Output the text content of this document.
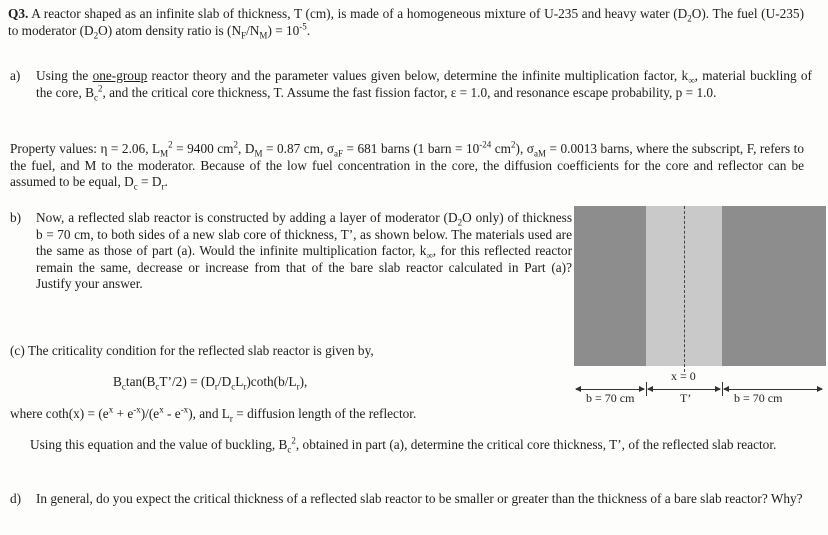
Q3. A reactor shaped as an infinite slab of thickness, T (cm), is made of a homogeneous mixture of U-235 and heavy water $(D_2O)$. The fuel (U-235) to moderator $(D_2O)$ atom density ratio is $(N_F/N_M) = 10^{-5}$.
a) Using the one-group reactor theory and the parameter values given below, determine the infinite multiplication factor, $k_\infty$, material buckling of the core, $B_c^2$, and the critical core thickness, T. Assume the fast fission factor, ε = 1.0, and resonance escape probability, p = 1.0.
Property values: η = 2.06, $L_M^2 = 9400$ $cm^2$, $D_M = 0.87$ cm, $\sigma_{aF} = 681$ barns (1 barn = $10^{-24}$ $cm^2$), $\sigma_{aM} = 0.0013$ barns, where the subscript, F, refers to the fuel, and M to the moderator. Because of the low fuel concentration in the core, the diffusion coefficients for the core and reflector can be assumed to be equal, $D_c = D_r$.
b) Now, a reflected slab reactor is constructed by adding a layer of moderator ($D_2O$ only) of thickness b = 70 cm, to both sides of a new slab core of thickness, T’, as shown below. The materials used are the same as those of part (a). Would the infinite multiplication factor, $k_\infty$, for this reflected reactor remain the same, decrease or increase from that of the bare slab reactor calculated in Part (a)? Justify your answer.
(c) The criticality condition for the reflected slab reactor is given by,
$B_c\tan(B_cT’/2) = (D_r/D_cL_r)\cot h(b/L_r)$,
where $\cot h(x) = (e^x + e^{-x})/(e^x - e^{-x})$, and $L_r$ = diffusion length of the reflector.
Using this equation and the value of buckling, $B_c^2$, obtained in part (a), determine the critical core thickness, T’, of the reflected slab reactor.
d) In general, do you expect the critical thickness of a reflected slab reactor to be smaller or greater than the thickness of a bare slab reactor? Why?
x = 0
b = 70 cm	T’	b = 70 cm
